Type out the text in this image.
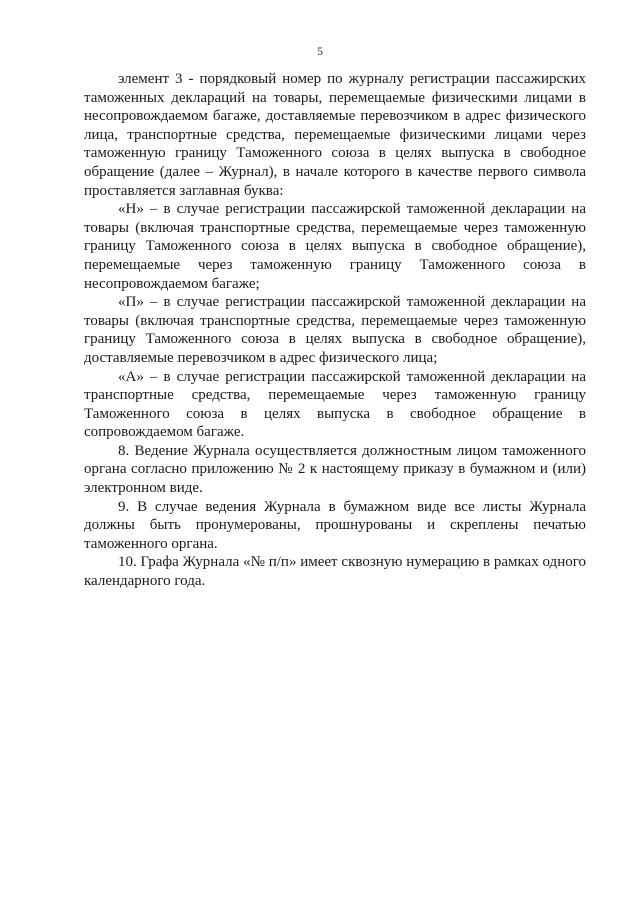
5

элемент 3 - порядковый номер по журналу регистрации пассажирских таможенных деклараций на товары, перемещаемые физическими лицами в несопровождаемом багаже, доставляемые перевозчиком в адрес физического лица, транспортные средства, перемещаемые физическими лицами через таможенную границу Таможенного союза в целях выпуска в свободное обращение (далее – Журнал), в начале которого в качестве первого символа проставляется заглавная буква:

«Н» – в случае регистрации пассажирской таможенной декларации на товары (включая транспортные средства, перемещаемые через таможенную границу Таможенного союза в целях выпуска в свободное обращение), перемещаемые через таможенную границу Таможенного союза в несопровождаемом багаже;

«П» – в случае регистрации пассажирской таможенной декларации на товары (включая транспортные средства, перемещаемые через таможенную границу Таможенного союза в целях выпуска в свободное обращение), доставляемые перевозчиком в адрес физического лица;

«А» – в случае регистрации пассажирской таможенной декларации на транспортные средства, перемещаемые через таможенную границу Таможенного союза в целях выпуска в свободное обращение в сопровождаемом багаже.

8. Ведение Журнала осуществляется должностным лицом таможенного органа согласно приложению № 2 к настоящему приказу в бумажном и (или) электронном виде.

9. В случае ведения Журнала в бумажном виде все листы Журнала должны быть пронумерованы, прошнурованы и скреплены печатью таможенного органа.

10. Графа Журнала «№ п/п» имеет сквозную нумерацию в рамках одного календарного года.
